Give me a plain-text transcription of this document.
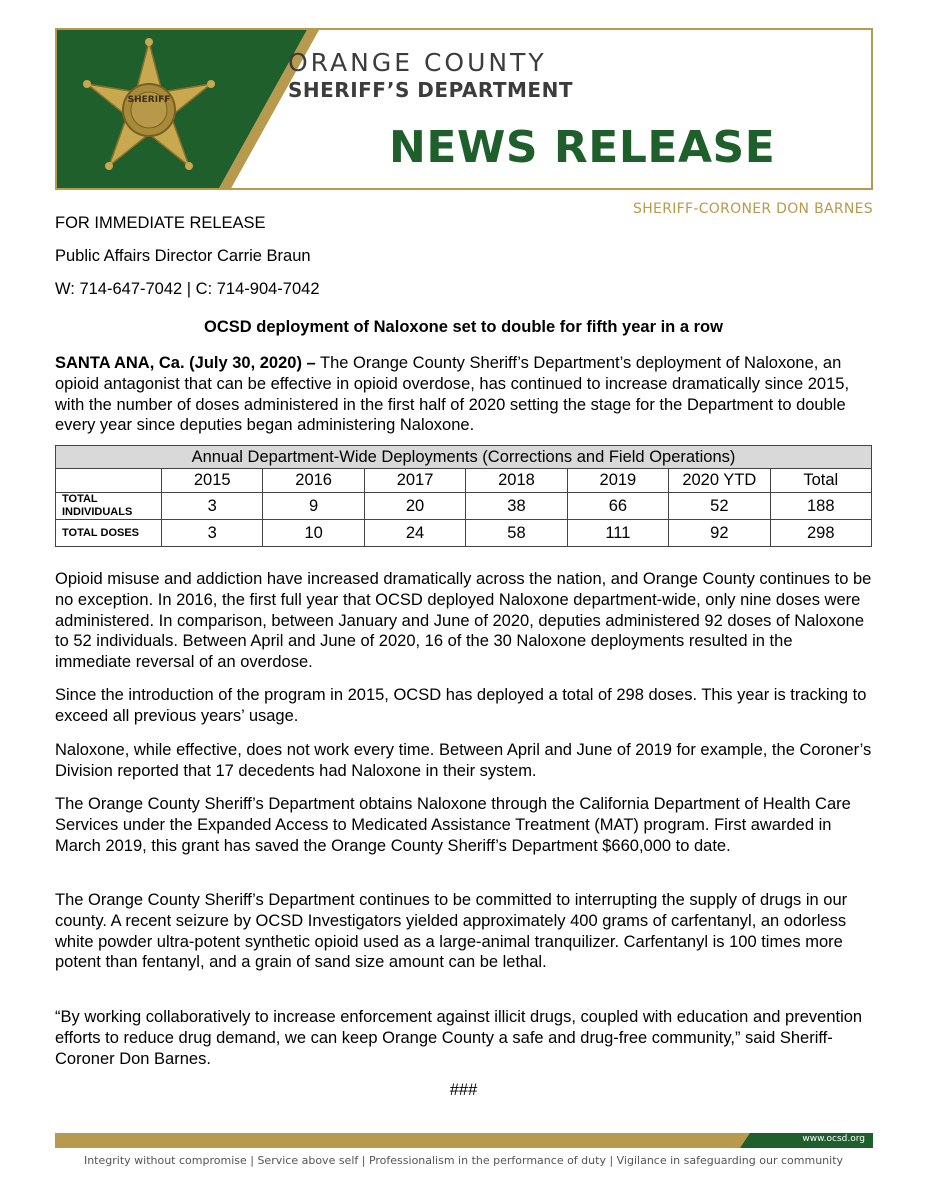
SHERIFF
ORANGE COUNTY
SHERIFF’S DEPARTMENT
NEWS RELEASE
SHERIFF-CORONER DON BARNES
FOR IMMEDIATE RELEASE
Public Affairs Director Carrie Braun
W: 714-647-7042 | C: 714-904-7042
OCSD deployment of Naloxone set to double for fifth year in a row
SANTA ANA, Ca. (July 30, 2020) – The Orange County Sheriff’s Department’s deployment of Naloxone, an opioid antagonist that can be effective in opioid overdose, has continued to increase dramatically since 2015, with the number of doses administered in the first half of 2020 setting the stage for the Department to double every year since deputies began administering Naloxone.
Annual Department-Wide Deployments (Corrections and Field Operations)							
	2015	2016	2017	2018	2019	2020 YTD	Total
TOTAL INDIVIDUALS	3	9	20	38	66	52	188
TOTAL DOSES	3	10	24	58	111	92	298
Opioid misuse and addiction have increased dramatically across the nation, and Orange County continues to be no exception. In 2016, the first full year that OCSD deployed Naloxone department-wide, only nine doses were administered. In comparison, between January and June of 2020, deputies administered 92 doses of Naloxone to 52 individuals. Between April and June of 2020, 16 of the 30 Naloxone deployments resulted in the immediate reversal of an overdose.
Since the introduction of the program in 2015, OCSD has deployed a total of 298 doses. This year is tracking to exceed all previous years’ usage.
Naloxone, while effective, does not work every time. Between April and June of 2019 for example, the Coroner’s Division reported that 17 decedents had Naloxone in their system.
The Orange County Sheriff’s Department obtains Naloxone through the California Department of Health Care Services under the Expanded Access to Medicated Assistance Treatment (MAT) program. First awarded in March 2019, this grant has saved the Orange County Sheriff’s Department $660,000 to date.
The Orange County Sheriff’s Department continues to be committed to interrupting the supply of drugs in our county. A recent seizure by OCSD Investigators yielded approximately 400 grams of carfentanyl, an odorless white powder ultra-potent synthetic opioid used as a large-animal tranquilizer. Carfentanyl is 100 times more potent than fentanyl, and a grain of sand size amount can be lethal.
“By working collaboratively to increase enforcement against illicit drugs, coupled with education and prevention efforts to reduce drug demand, we can keep Orange County a safe and drug-free community,” said Sheriff-Coroner Don Barnes.
###
www.ocsd.org
Integrity without compromise | Service above self | Professionalism in the performance of duty | Vigilance in safeguarding our community
